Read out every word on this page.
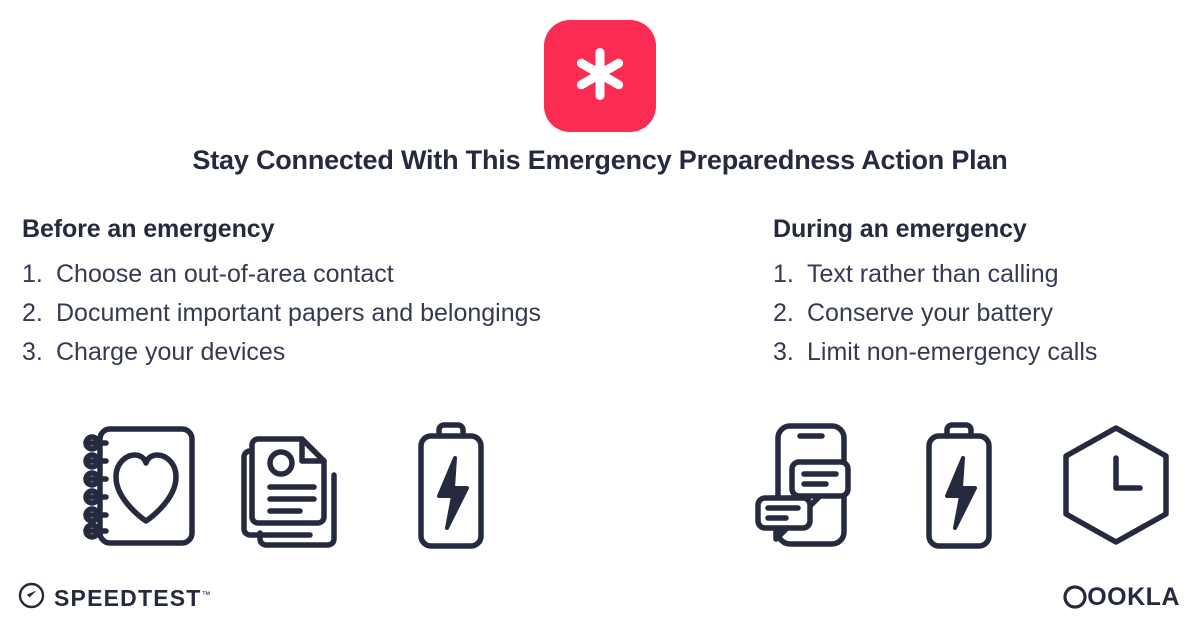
Stay Connected With This Emergency Preparedness Action Plan
Before an emergency
1. Choose an out-of-area contact
2. Document important papers and belongings
3. Charge your devices
During an emergency
1. Text rather than calling
2. Conserve your battery
3. Limit non-emergency calls
SPEEDTEST™	OOKLA
